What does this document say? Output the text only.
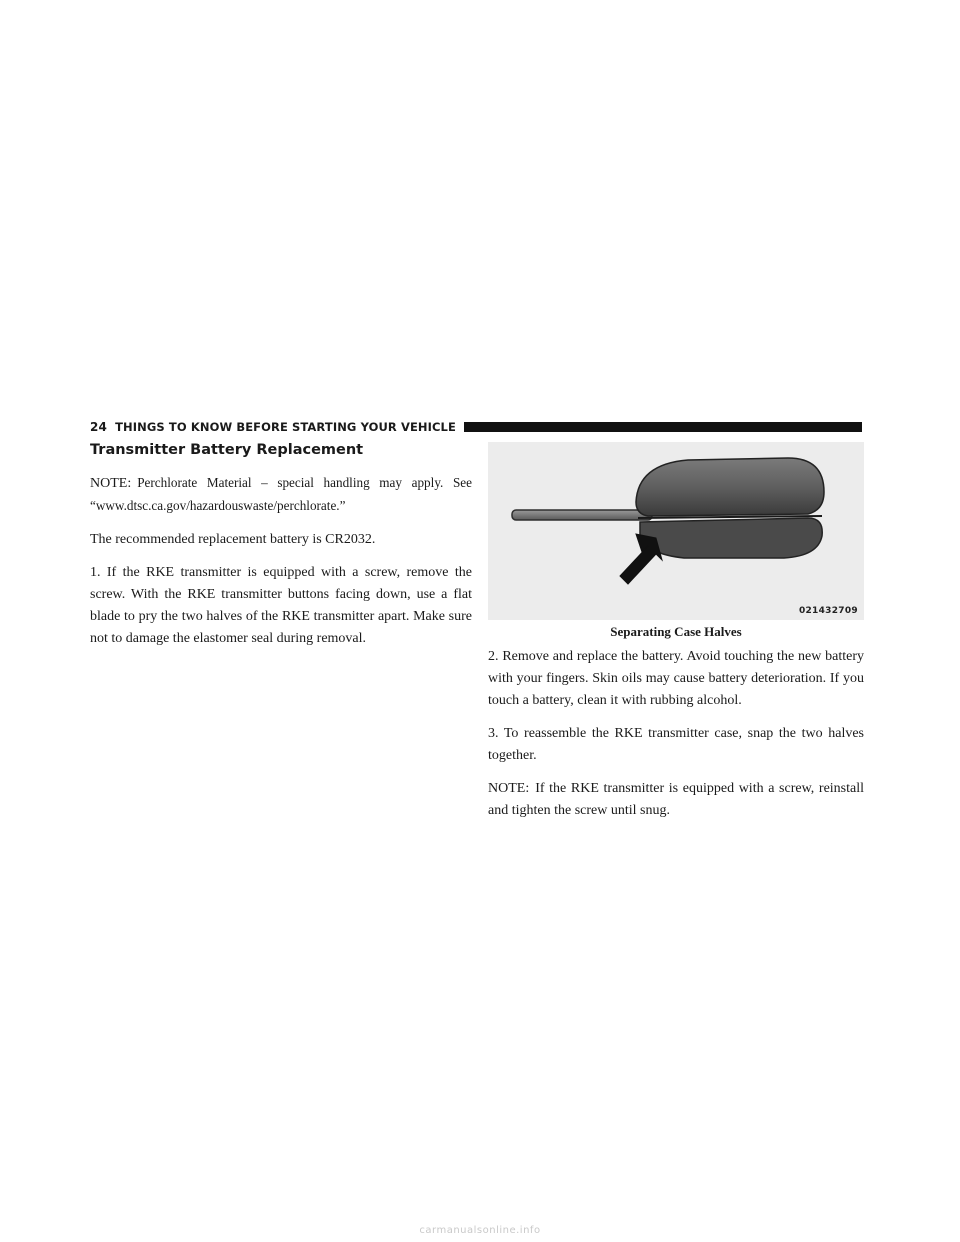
24 THINGS TO KNOW BEFORE STARTING YOUR VEHICLE
Transmitter Battery Replacement

NOTE: Perchlorate Material – special handling may apply. See “www.dtsc.ca.gov/hazardouswaste/perchlorate.”

The recommended replacement battery is CR2032.

1. If the RKE transmitter is equipped with a screw, remove the screw. With the RKE transmitter buttons facing down, use a flat blade to pry the two halves of the RKE transmitter apart. Make sure not to damage the elastomer seal during removal.

021432709
Separating Case Halves

2. Remove and replace the battery. Avoid touching the new battery with your fingers. Skin oils may cause battery deterioration. If you touch a battery, clean it with rubbing alcohol.

3. To reassemble the RKE transmitter case, snap the two halves together.

NOTE: If the RKE transmitter is equipped with a screw, reinstall and tighten the screw until snug.

carmanualsonline.info
